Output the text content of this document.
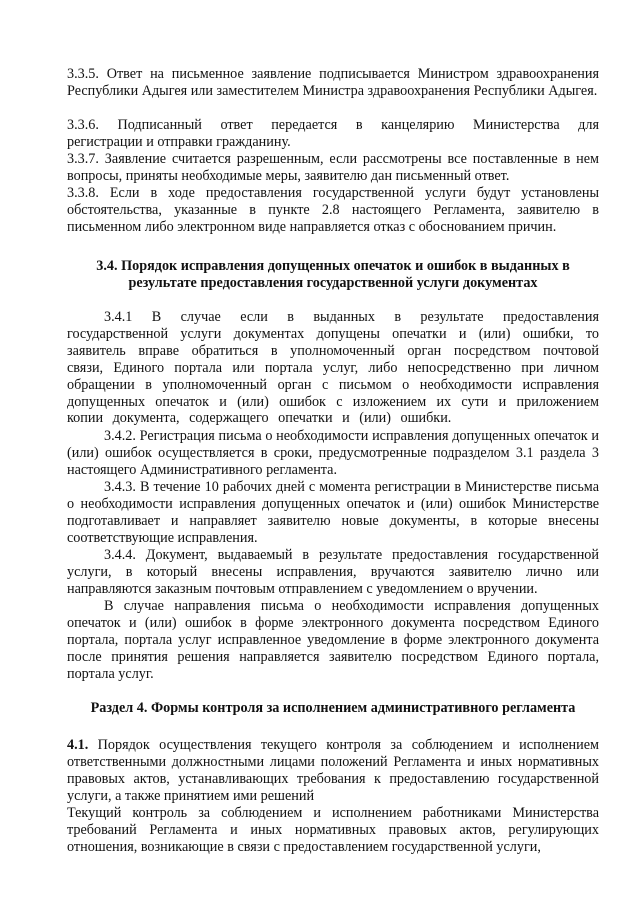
3.3.5. Ответ на письменное заявление подписывается Министром здравоохранения Республики Адыгея или заместителем Министра здравоохранения Республики Адыгея.

3.3.6. Подписанный ответ передается в канцелярию Министерства для
регистрации и отправки гражданину.

3.3.7. Заявление считается разрешенным, если рассмотрены все поставленные в нем вопросы, приняты необходимые меры, заявителю дан письменный ответ.

3.3.8. Если в ходе предоставления государственной услуги будут установлены обстоятельства, указанные в пункте 2.8 настоящего Регламента, заявителю в письменном либо электронном виде направляется отказ с обоснованием причин.

3.4. Порядок исправления допущенных опечаток и ошибок в выданных в результате предоставления государственной услуги документах

3.4.1 В случае если в выданных в результате предоставления государственной услуги документах допущены опечатки и (или) ошибки, то заявитель вправе обратиться в уполномоченный орган посредством почтовой связи, Единого портала или портала услуг, либо непосредственно при личном обращении в уполномоченный орган с письмом о необходимости исправления допущенных опечаток и (или) ошибок с изложением их сути и приложением копии документа, содержащего опечатки и (или) ошибки.

3.4.2. Регистрация письма о необходимости исправления допущенных опечаток и (или) ошибок осуществляется в сроки, предусмотренные подразделом 3.1 раздела 3 настоящего Административного регламента.

3.4.3. В течение 10 рабочих дней с момента регистрации в Министерстве письма о необходимости исправления допущенных опечаток и (или) ошибок Министерстве подготавливает и направляет заявителю новые документы, в которые внесены соответствующие исправления.

3.4.4. Документ, выдаваемый в результате предоставления государственной услуги, в который внесены исправления, вручаются заявителю лично или направляются заказным почтовым отправлением с уведомлением о вручении.

В случае направления письма о необходимости исправления допущенных опечаток и (или) ошибок в форме электронного документа посредством Единого портала, портала услуг исправленное уведомление в форме электронного документа после принятия решения направляется заявителю посредством Единого портала, портала услуг.

Раздел 4. Формы контроля за исполнением административного регламента

4.1. Порядок осуществления текущего контроля за соблюдением и исполнением ответственными должностными лицами положений Регламента и иных нормативных правовых актов, устанавливающих требования к предоставлению государственной услуги, а также принятием ими решений

Текущий контроль за соблюдением и исполнением работниками Министерства требований Регламента и иных нормативных правовых актов, регулирующих отношения, возникающие в связи с предоставлением государственной услуги,
